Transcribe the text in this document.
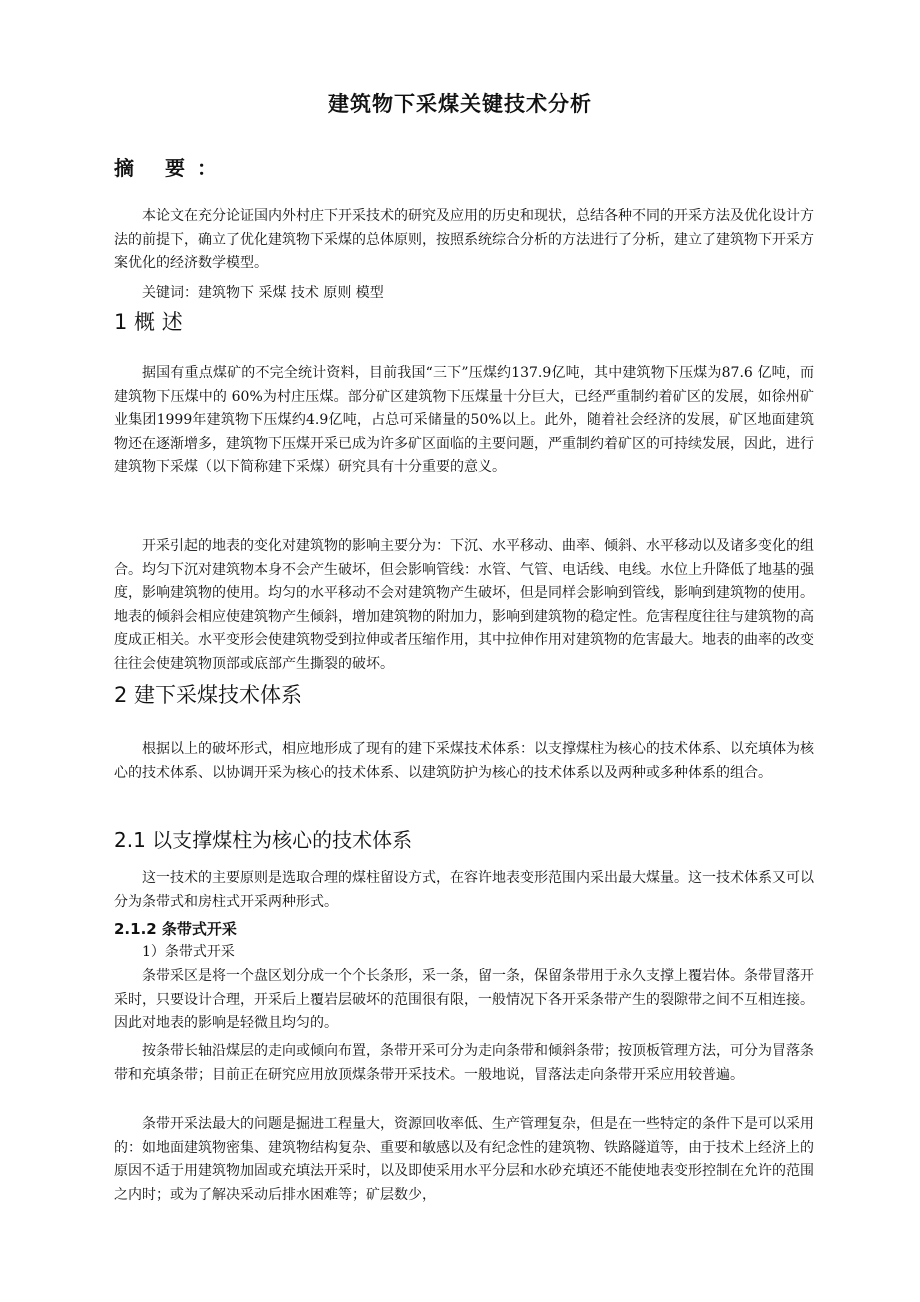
建筑物下采煤关键技术分析
摘 要：

本论文在充分论证国内外村庄下开采技术的研究及应用的历史和现状，总结各种不同的开采方法及优化设计方法的前提下，确立了优化建筑物下采煤的总体原则，按照系统综合分析的方法进行了分析，建立了建筑物下开采方案优化的经济数学模型。

关键词：建筑物下 采煤 技术 原则 模型

1 概 述

据国有重点煤矿的不完全统计资料，目前我国“三下”压煤约137.9亿吨，其中建筑物下压煤为87.6 亿吨，而建筑物下压煤中的 60%为村庄压煤。部分矿区建筑物下压煤量十分巨大，已经严重制约着矿区的发展，如徐州矿业集团1999年建筑物下压煤约4.9亿吨，占总可采储量的50%以上。此外，随着社会经济的发展，矿区地面建筑物还在逐渐增多，建筑物下压煤开采已成为许多矿区面临的主要问题，严重制约着矿区的可持续发展，因此，进行建筑物下采煤（以下简称建下采煤）研究具有十分重要的意义。

开采引起的地表的变化对建筑物的影响主要分为：下沉、水平移动、曲率、倾斜、水平移动以及诸多变化的组合。均匀下沉对建筑物本身不会产生破坏，但会影响管线：水管、气管、电话线、电线。水位上升降低了地基的强度，影响建筑物的使用。均匀的水平移动不会对建筑物产生破坏，但是同样会影响到管线，影响到建筑物的使用。地表的倾斜会相应使建筑物产生倾斜，增加建筑物的附加力，影响到建筑物的稳定性。危害程度往往与建筑物的高度成正相关。水平变形会使建筑物受到拉伸或者压缩作用，其中拉伸作用对建筑物的危害最大。地表的曲率的改变往往会使建筑物顶部或底部产生撕裂的破坏。

2 建下采煤技术体系

根据以上的破坏形式，相应地形成了现有的建下采煤技术体系：以支撑煤柱为核心的技术体系、以充填体为核心的技术体系、以协调开采为核心的技术体系、以建筑防护为核心的技术体系以及两种或多种体系的组合。

2.1 以支撑煤柱为核心的技术体系

这一技术的主要原则是选取合理的煤柱留设方式，在容许地表变形范围内采出最大煤量。这一技术体系又可以分为条带式和房柱式开采两种形式。

2.1.2 条带式开采

1）条带式开采

条带采区是将一个盘区划分成一个个长条形，采一条，留一条，保留条带用于永久支撑上覆岩体。条带冒落开采时，只要设计合理，开采后上覆岩层破坏的范围很有限，一般情况下各开采条带产生的裂隙带之间不互相连接。因此对地表的影响是轻微且均匀的。

按条带长轴沿煤层的走向或倾向布置，条带开采可分为走向条带和倾斜条带；按顶板管理方法，可分为冒落条带和充填条带；目前正在研究应用放顶煤条带开采技术。一般地说，冒落法走向条带开采应用较普遍。

条带开采法最大的问题是掘进工程量大，资源回收率低、生产管理复杂，但是在一些特定的条件下是可以采用的：如地面建筑物密集、建筑物结构复杂、重要和敏感以及有纪念性的建筑物、铁路隧道等，由于技术上经济上的原因不适于用建筑物加固或充填法开采时，以及即使采用水平分层和水砂充填还不能使地表变形控制在允许的范围之内时；或为了解决采动后排水困难等；矿层数少，
